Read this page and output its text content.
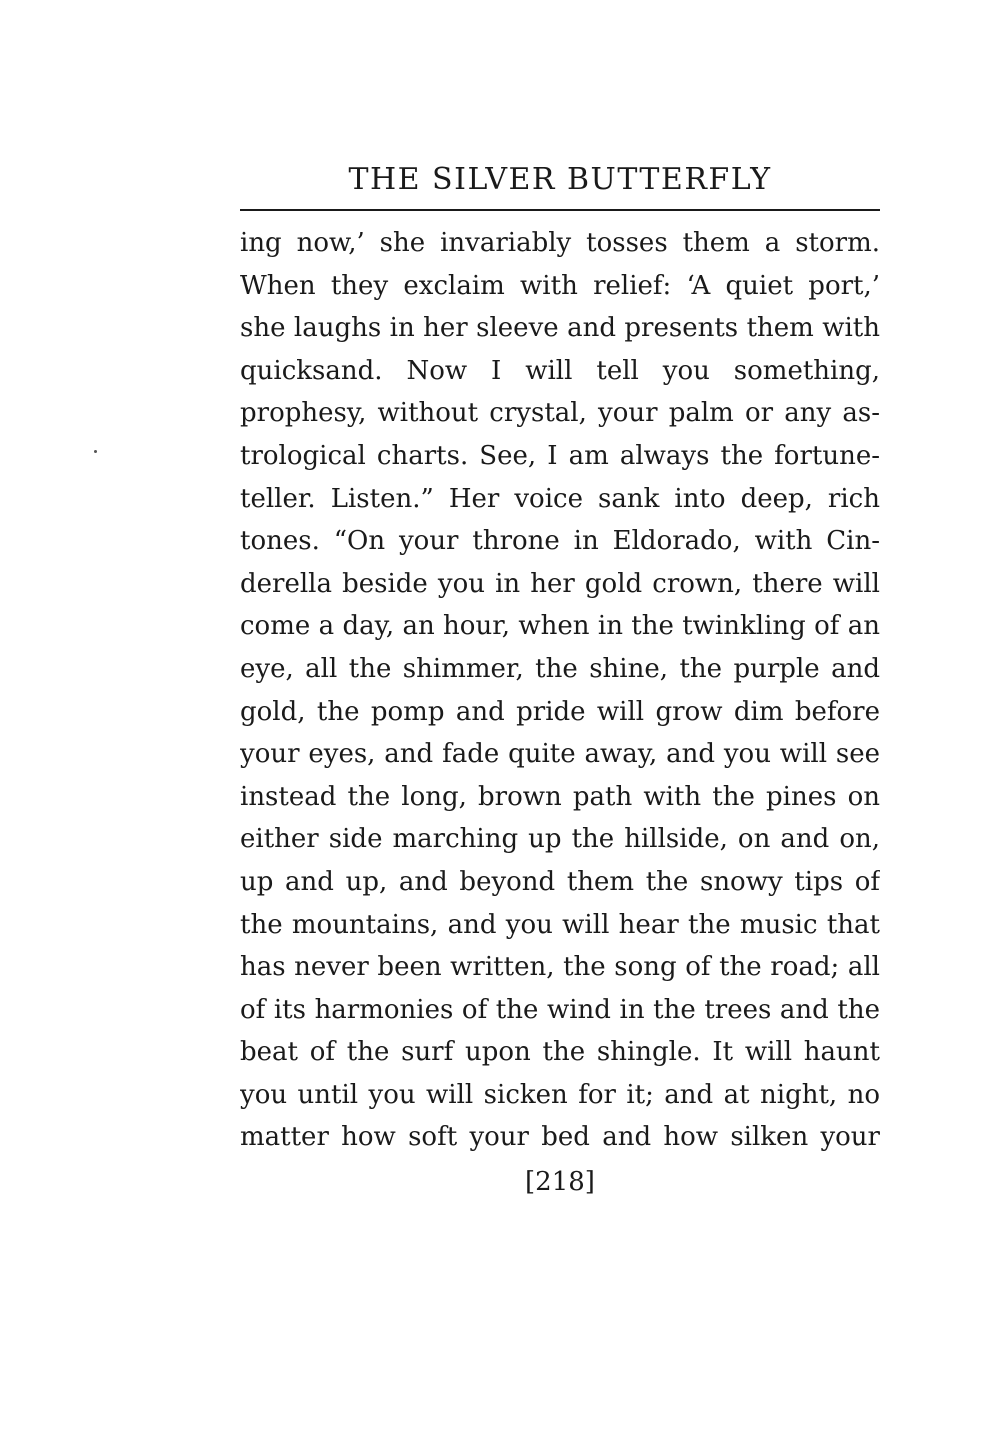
THE SILVER BUTTERFLY
ing now,’ she invariably tosses them a storm.
When they exclaim with relief: ‘A quiet port,’
she laughs in her sleeve and presents them with
quicksand. Now I will tell you something,
prophesy, without crystal, your palm or any as-
trological charts. See, I am always the fortune-
teller. Listen.” Her voice sank into deep, rich
tones. “On your throne in Eldorado, with Cin-
derella beside you in her gold crown, there will
come a day, an hour, when in the twinkling of an
eye, all the shimmer, the shine, the purple and
gold, the pomp and pride will grow dim before
your eyes, and fade quite away, and you will see
instead the long, brown path with the pines on
either side marching up the hillside, on and on,
up and up, and beyond them the snowy tips of
the mountains, and you will hear the music that
has never been written, the song of the road; all
of its harmonies of the wind in the trees and the
beat of the surf upon the shingle. It will haunt
you until you will sicken for it; and at night, no
matter how soft your bed and how silken your
[218]
